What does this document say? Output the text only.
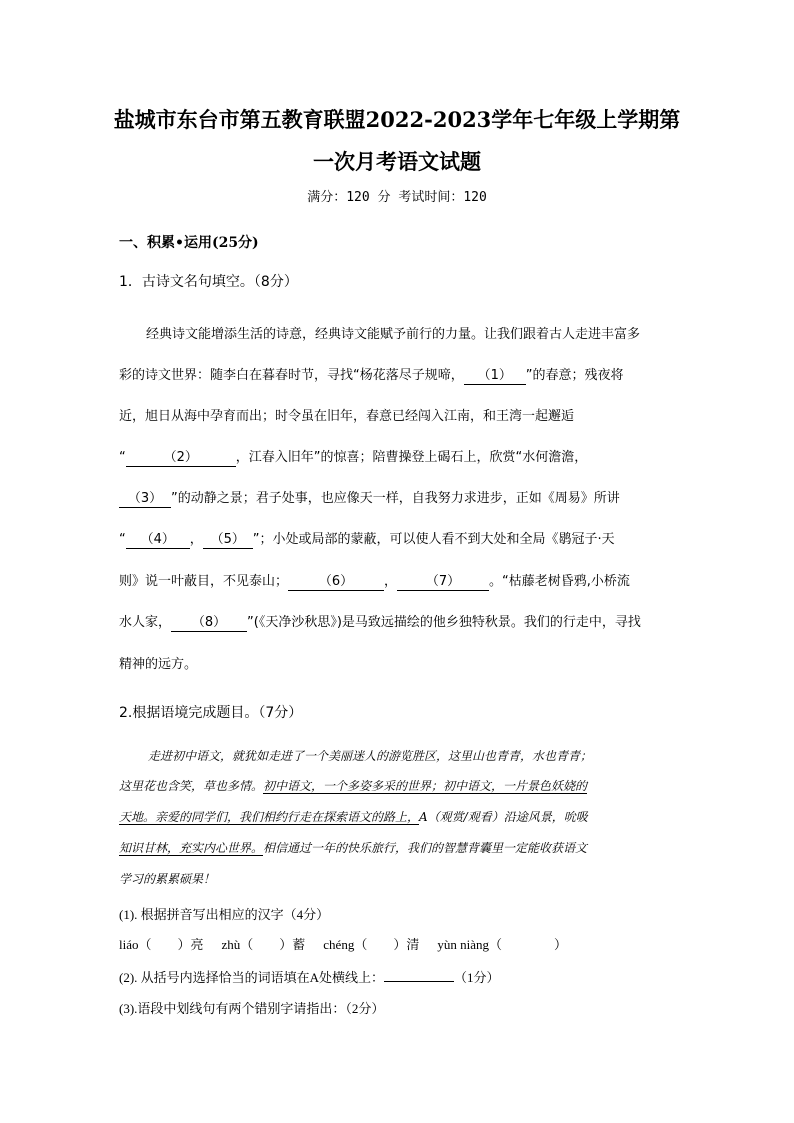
盐城市东台市第五教育联盟2022-2023学年七年级上学期第
一次月考语文试题
满分：120 分 考试时间：120
一、积累•运用(25分)
1．古诗文名句填空。（8分）
经典诗文能增添生活的诗意，经典诗文能赋予前行的力量。让我们跟着古人走进丰富多
彩的诗文世界：随李白在暮春时节，寻找“杨花落尽子规啼， （1） ”的春意；残夜将
近，旭日从海中孕育而出；时令虽在旧年，春意已经闯入江南，和王湾一起邂逅
“	（2）	，江春入旧年”的惊喜；陪曹操登上碣石上，欣赏“水何澹澹，
（3） ”的动静之景；君子处事，也应像天一样，自我努力求进步，正如《周易》所讲
“ （4） ， （5） ”；小处或局部的蒙蔽，可以使人看不到大处和全局《鹖冠子·天
则》说一叶蔽目，不见泰山； （6） ， （7） 。“枯藤老树昏鸦,小桥流
水人家， （8） ”(《天净沙秋思》)是马致远描绘的他乡独特秋景。我们的行走中，寻找
精神的远方。
2.根据语境完成题目。（7分）
走进初中语文，就犹如走进了一个美丽迷人的游览胜区，这里山也青青，水也青青；
这里花也含笑，草也多情。初中语文，一个多姿多采的世界；初中语文，一片景色妖娆的
天地。亲爱的同学们，我们相约行走在探索语文的路上，A（观赏/观看）沿途风景，吮吸
知识甘林，充实内心世界。相信通过一年的快乐旅行，我们的智慧背囊里一定能收获语文
学习的累累硕果！
(1). 根据拼音写出相应的汉字（4分）
liáo（　　）亮 zhù（　　）蓄 chéng（　　）清 yùn niàng（　　　　）
(2). 从括号内选择恰当的词语填在A处横线上：	（1分）
(3).语段中划线句有两个错别字请指出：（2分）
